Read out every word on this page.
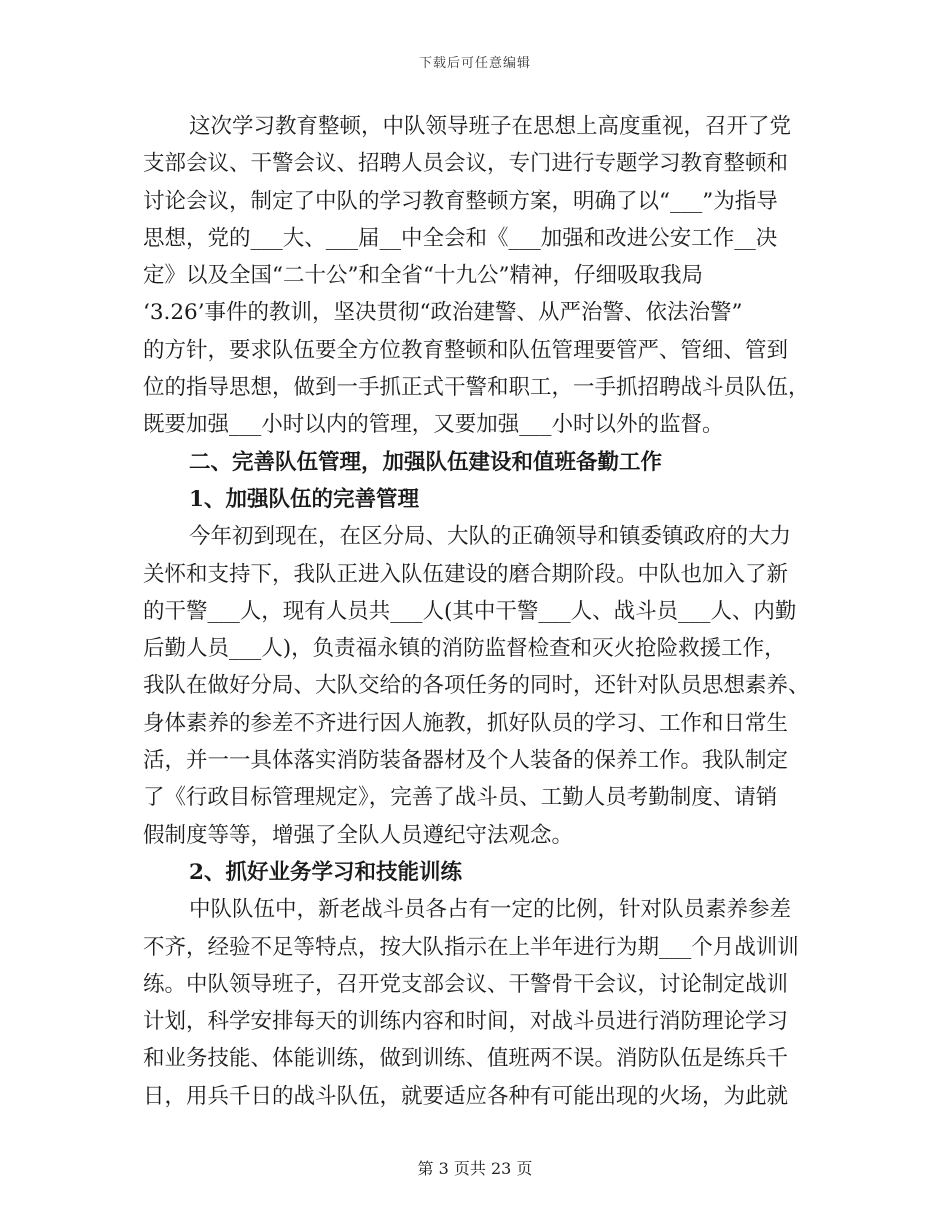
下载后可任意编辑
这次学习教育整顿，中队领导班子在思想上高度重视，召开了党
支部会议、干警会议、招聘人员会议，专门进行专题学习教育整顿和
讨论会议，制定了中队的学习教育整顿方案，明确了以“___”为指导
思想，党的___大、___届__中全会和《___加强和改进公安工作__决
定》以及全国“二十公”和全省“十九公”精神，仔细吸取我局
‘3.26’事件的教训，坚决贯彻“政治建警、从严治警、依法治警”
的方针，要求队伍要全方位教育整顿和队伍管理要管严、管细、管到
位的指导思想，做到一手抓正式干警和职工，一手抓招聘战斗员队伍，
既要加强___小时以内的管理，又要加强___小时以外的监督。
二、完善队伍管理，加强队伍建设和值班备勤工作
1、加强队伍的完善管理
今年初到现在，在区分局、大队的正确领导和镇委镇政府的大力
关怀和支持下，我队正进入队伍建设的磨合期阶段。中队也加入了新
的干警___人，现有人员共___人(其中干警___人、战斗员___人、内勤
后勤人员___人)，负责福永镇的消防监督检查和灭火抢险救援工作，
我队在做好分局、大队交给的各项任务的同时，还针对队员思想素养、
身体素养的参差不齐进行因人施教，抓好队员的学习、工作和日常生
活，并一一具体落实消防装备器材及个人装备的保养工作。我队制定
了《行政目标管理规定》，完善了战斗员、工勤人员考勤制度、请销
假制度等等，增强了全队人员遵纪守法观念。
2、抓好业务学习和技能训练
中队队伍中，新老战斗员各占有一定的比例，针对队员素养参差
不齐，经验不足等特点，按大队指示在上半年进行为期___个月战训训
练。中队领导班子，召开党支部会议、干警骨干会议，讨论制定战训
计划，科学安排每天的训练内容和时间，对战斗员进行消防理论学习
和业务技能、体能训练，做到训练、值班两不误。消防队伍是练兵千
日，用兵千日的战斗队伍，就要适应各种有可能出现的火场，为此就
第 3 页共 23 页
